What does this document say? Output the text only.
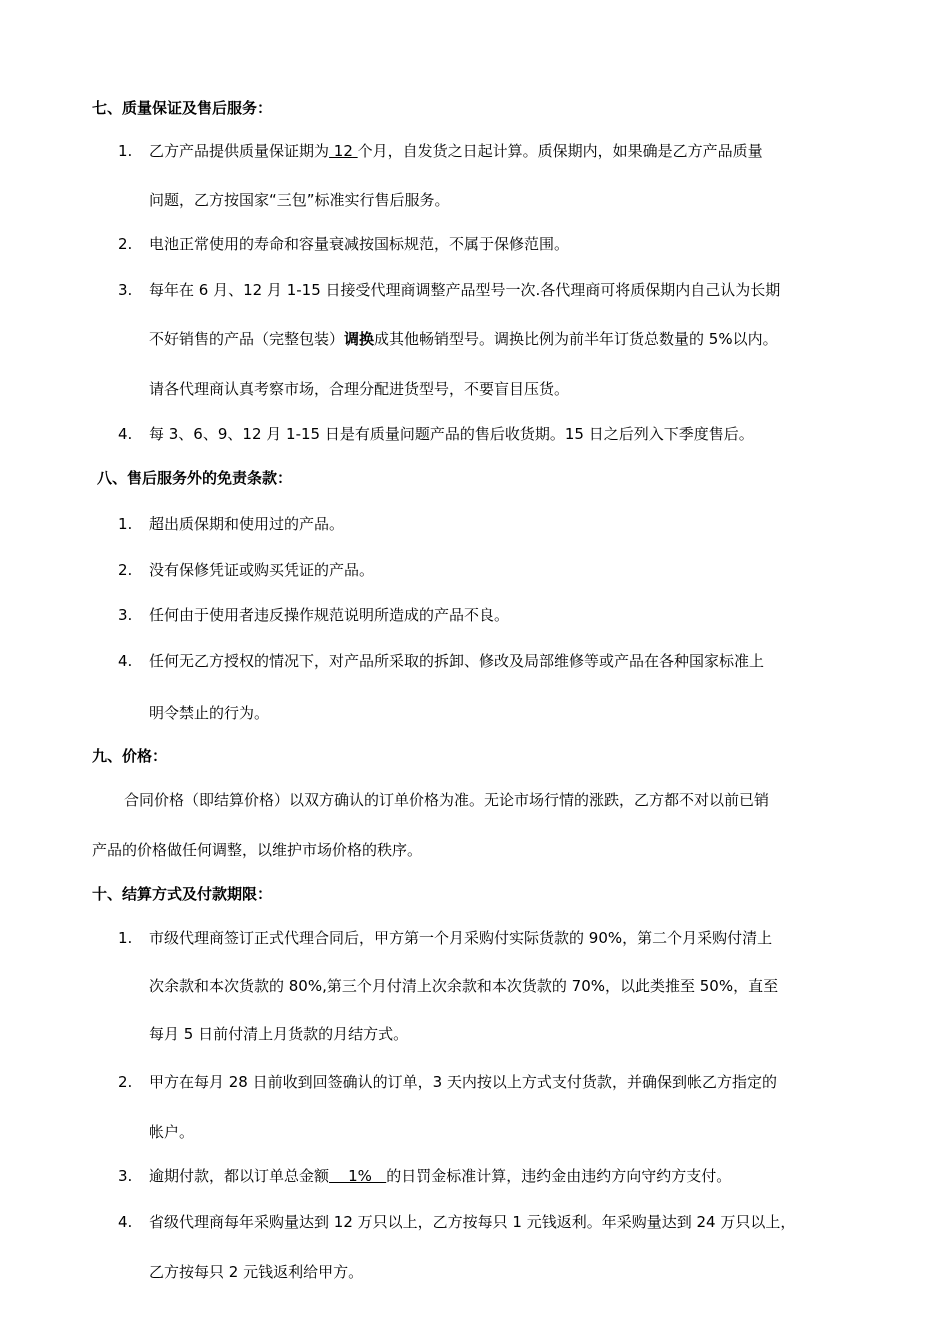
七、质量保证及售后服务：
1. 乙方产品提供质量保证期为 12 个月，自发货之日起计算。质保期内，如果确是乙方产品质量
问题，乙方按国家“三包”标准实行售后服务。
2. 电池正常使用的寿命和容量衰减按国标规范，不属于保修范围。
3. 每年在 6 月、12 月 1-15 日接受代理商调整产品型号一次.各代理商可将质保期内自己认为长期
不好销售的产品（完整包装）调换成其他畅销型号。调换比例为前半年订货总数量的 5%以内。
请各代理商认真考察市场，合理分配进货型号，不要盲目压货。
4. 每 3、6、9、12 月 1-15 日是有质量问题产品的售后收货期。15 日之后列入下季度售后。
八、售后服务外的免责条款：
1. 超出质保期和使用过的产品。
2. 没有保修凭证或购买凭证的产品。
3. 任何由于使用者违反操作规范说明所造成的产品不良。
4. 任何无乙方授权的情况下，对产品所采取的拆卸、修改及局部维修等或产品在各种国家标准上
明令禁止的行为。
九、价格：
合同价格（即结算价格）以双方确认的订单价格为准。无论市场行情的涨跌，乙方都不对以前已销
产品的价格做任何调整，以维护市场价格的秩序。
十、结算方式及付款期限：
1. 市级代理商签订正式代理合同后，甲方第一个月采购付实际货款的 90%，第二个月采购付清上
次余款和本次货款的 80%,第三个月付清上次余款和本次货款的 70%，以此类推至 50%，直至
每月 5 日前付清上月货款的月结方式。
2. 甲方在每月 28 日前收到回签确认的订单，3 天内按以上方式支付货款，并确保到帐乙方指定的
帐户。
3. 逾期付款，都以订单总金额    1%   的日罚金标准计算，违约金由违约方向守约方支付。
4. 省级代理商每年采购量达到 12 万只以上，乙方按每只 1 元钱返利。年采购量达到 24 万只以上，
乙方按每只 2 元钱返利给甲方。
